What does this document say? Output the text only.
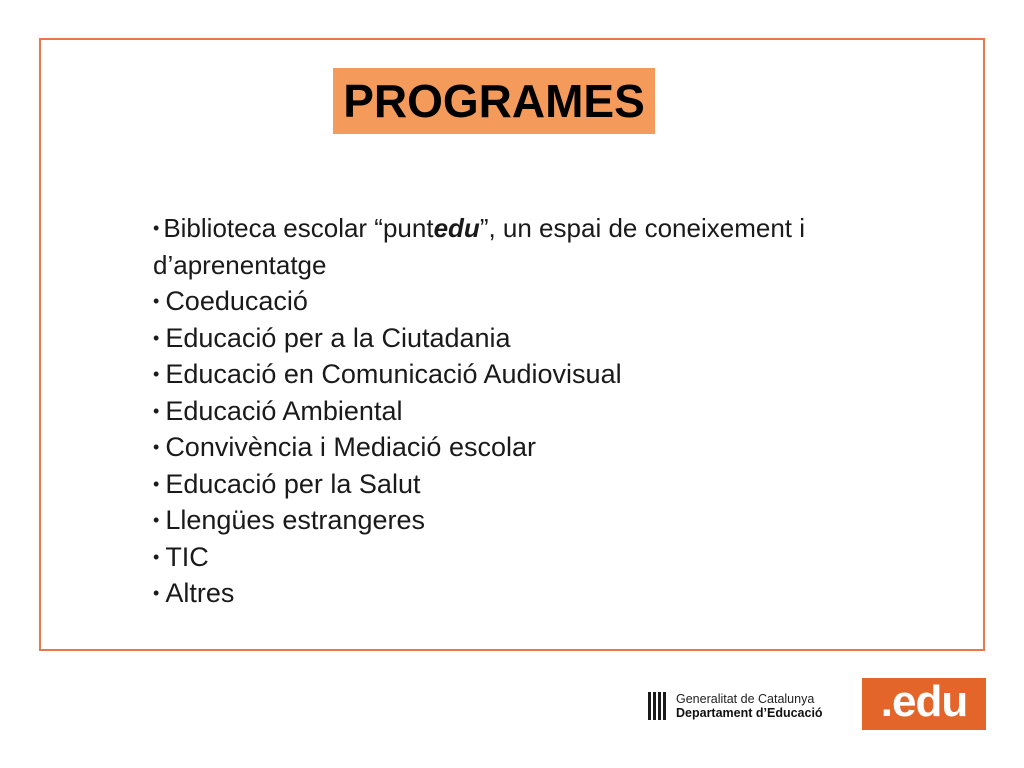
PROGRAMES
• Biblioteca escolar “puntedu”, un espai de coneixement i d’aprenentatge
• Coeducació
• Educació per a la Ciutadania
• Educació en Comunicació Audiovisual
• Educació Ambiental
• Convivència i Mediació escolar
• Educació per la Salut
• Llengües estrangeres
• TIC
• Altres
Generalitat de Catalunya
Departament d’Educació .edu
